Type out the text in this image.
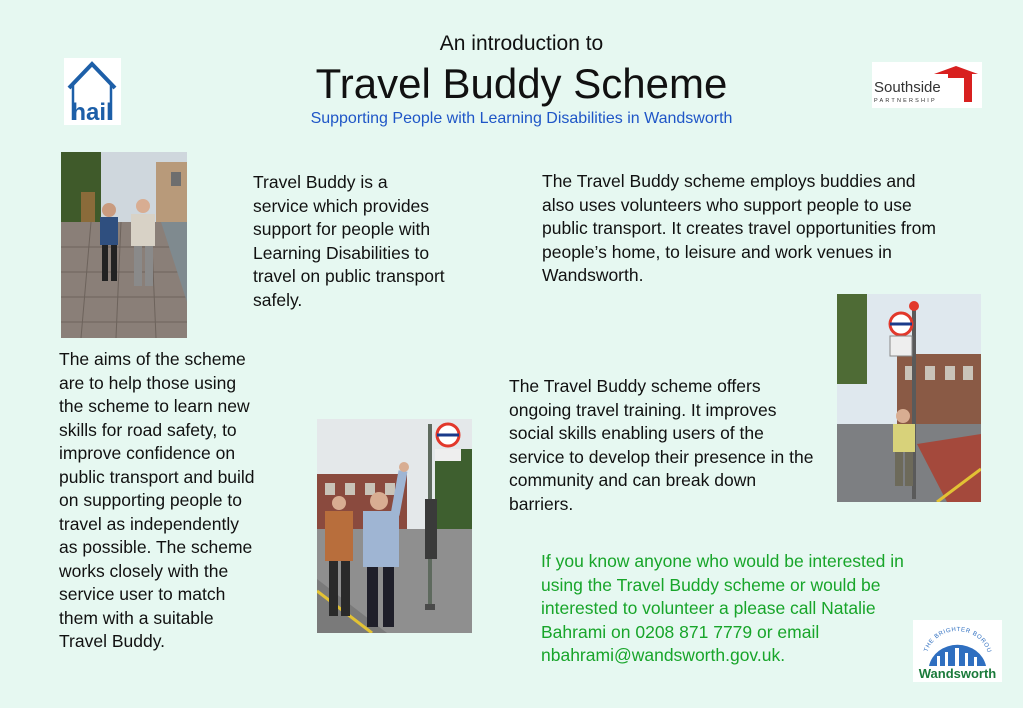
An introduction to
Travel Buddy Scheme
Supporting People with Learning Disabilities in Wandsworth
hail
Southside
PARTNERSHIP
Travel Buddy is a
service which provides
support for people with
Learning Disabilities to
travel on public transport
safely.
The Travel Buddy scheme employs buddies and
also uses volunteers who support people to use
public transport. It creates travel opportunities from
people’s home, to leisure and work venues in
Wandsworth.
The aims of the scheme
are to help those using
the scheme to learn new
skills for road safety, to
improve confidence on
public transport and build
on supporting people to
travel as independently
as possible. The scheme
works closely with the
service user to match
them with a suitable
Travel Buddy.
The Travel Buddy scheme offers
ongoing travel training. It improves
social skills enabling users of the
service to develop their presence in the
community and can break down
barriers.
If you know anyone who would be interested in
using the Travel Buddy scheme or would be
interested to volunteer a please call Natalie
Bahrami on 0208 871 7779 or email
nbahrami@wandsworth.gov.uk.	THE BRIGHTER BOROU
Wandsworth
